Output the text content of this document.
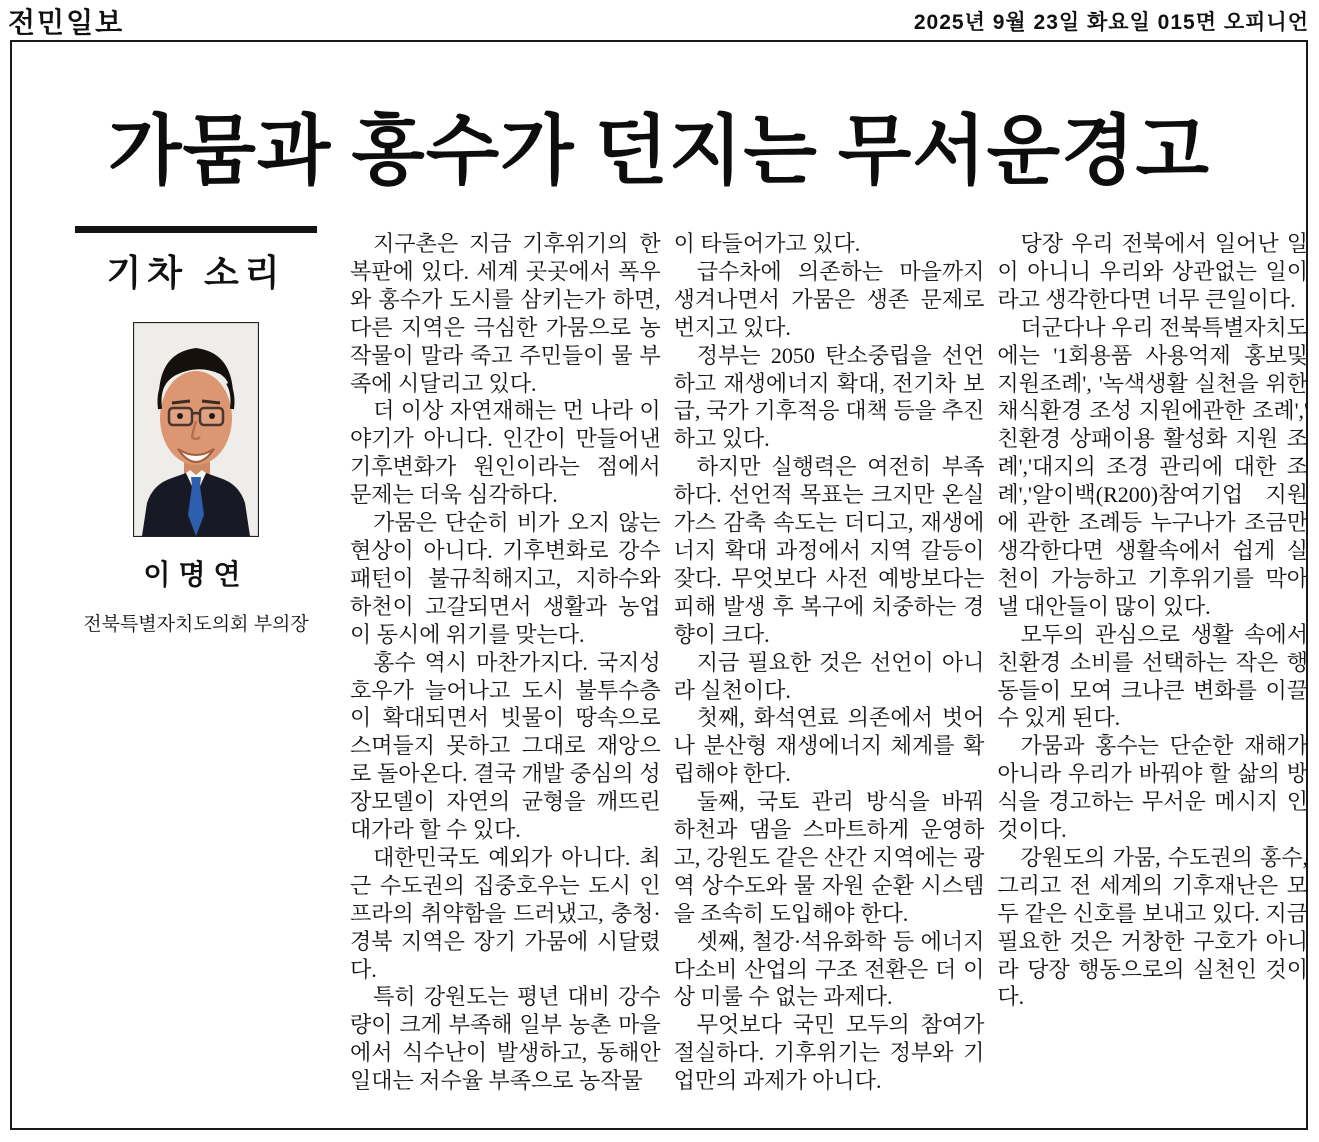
전민일보	2025년 9월 23일 화요일 015면 오피니언
가뭄과 홍수가 던지는 무서운경고
기차 소리
이명연
전북특별자치도의회 부의장

지구촌은 지금 기후위기의 한복판에 있다. 세계 곳곳에서 폭우와 홍수가 도시를 삼키는가 하면, 다른 지역은 극심한 가뭄으로 농작물이 말라 죽고 주민들이 물 부족에 시달리고 있다.

더 이상 자연재해는 먼 나라 이야기가 아니다. 인간이 만들어낸 기후변화가 원인이라는 점에서 문제는 더욱 심각하다.

가뭄은 단순히 비가 오지 않는 현상이 아니다. 기후변화로 강수 패턴이 불규칙해지고, 지하수와 하천이 고갈되면서 생활과 농업이 동시에 위기를 맞는다.

홍수 역시 마찬가지다. 국지성 호우가 늘어나고 도시 불투수층이 확대되면서 빗물이 땅속으로 스며들지 못하고 그대로 재앙으로 돌아온다. 결국 개발 중심의 성장모델이 자연의 균형을 깨뜨린 대가라 할 수 있다.

대한민국도 예외가 아니다. 최근 수도권의 집중호우는 도시 인프라의 취약함을 드러냈고, 충청·경북 지역은 장기 가뭄에 시달렸다.

특히 강원도는 평년 대비 강수량이 크게 부족해 일부 농촌 마을에서 식수난이 발생하고, 동해안 일대는 저수율 부족으로 농작물

이 타들어가고 있다.

급수차에 의존하는 마을까지 생겨나면서 가뭄은 생존 문제로 번지고 있다.

정부는 2050 탄소중립을 선언하고 재생에너지 확대, 전기차 보급, 국가 기후적응 대책 등을 추진하고 있다.

하지만 실행력은 여전히 부족하다. 선언적 목표는 크지만 온실가스 감축 속도는 더디고, 재생에너지 확대 과정에서 지역 갈등이 잦다. 무엇보다 사전 예방보다는 피해 발생 후 복구에 치중하는 경향이 크다.

지금 필요한 것은 선언이 아니라 실천이다.

첫째, 화석연료 의존에서 벗어나 분산형 재생에너지 체계를 확립해야 한다.

둘째, 국토 관리 방식을 바꿔 하천과 댐을 스마트하게 운영하고, 강원도 같은 산간 지역에는 광역 상수도와 물 자원 순환 시스템을 조속히 도입해야 한다.

셋째, 철강·석유화학 등 에너지 다소비 산업의 구조 전환은 더 이상 미룰 수 없는 과제다.

무엇보다 국민 모두의 참여가 절실하다. 기후위기는 정부와 기업만의 과제가 아니다.

당장 우리 전북에서 일어난 일이 아니니 우리와 상관없는 일이라고 생각한다면 너무 큰일이다.

더군다나 우리 전북특별자치도에는 '1회용품 사용억제 홍보및 지원조례', '녹색생활 실천을 위한 채식환경 조성 지원에관한 조례',' 친환경 상패이용 활성화 지원 조례','대지의 조경 관리에 대한 조례','알이백(R200)참여기업 지원에 관한 조례등 누구나가 조금만 생각한다면 생활속에서 쉽게 실천이 가능하고 기후위기를 막아낼 대안들이 많이 있다.

모두의 관심으로 생활 속에서 친환경 소비를 선택하는 작은 행동들이 모여 크나큰 변화를 이끌 수 있게 된다.

가뭄과 홍수는 단순한 재해가 아니라 우리가 바꿔야 할 삶의 방식을 경고하는 무서운 메시지 인 것이다.

강원도의 가뭄, 수도권의 홍수, 그리고 전 세계의 기후재난은 모두 같은 신호를 보내고 있다. 지금 필요한 것은 거창한 구호가 아니라 당장 행동으로의 실천인 것이다.
